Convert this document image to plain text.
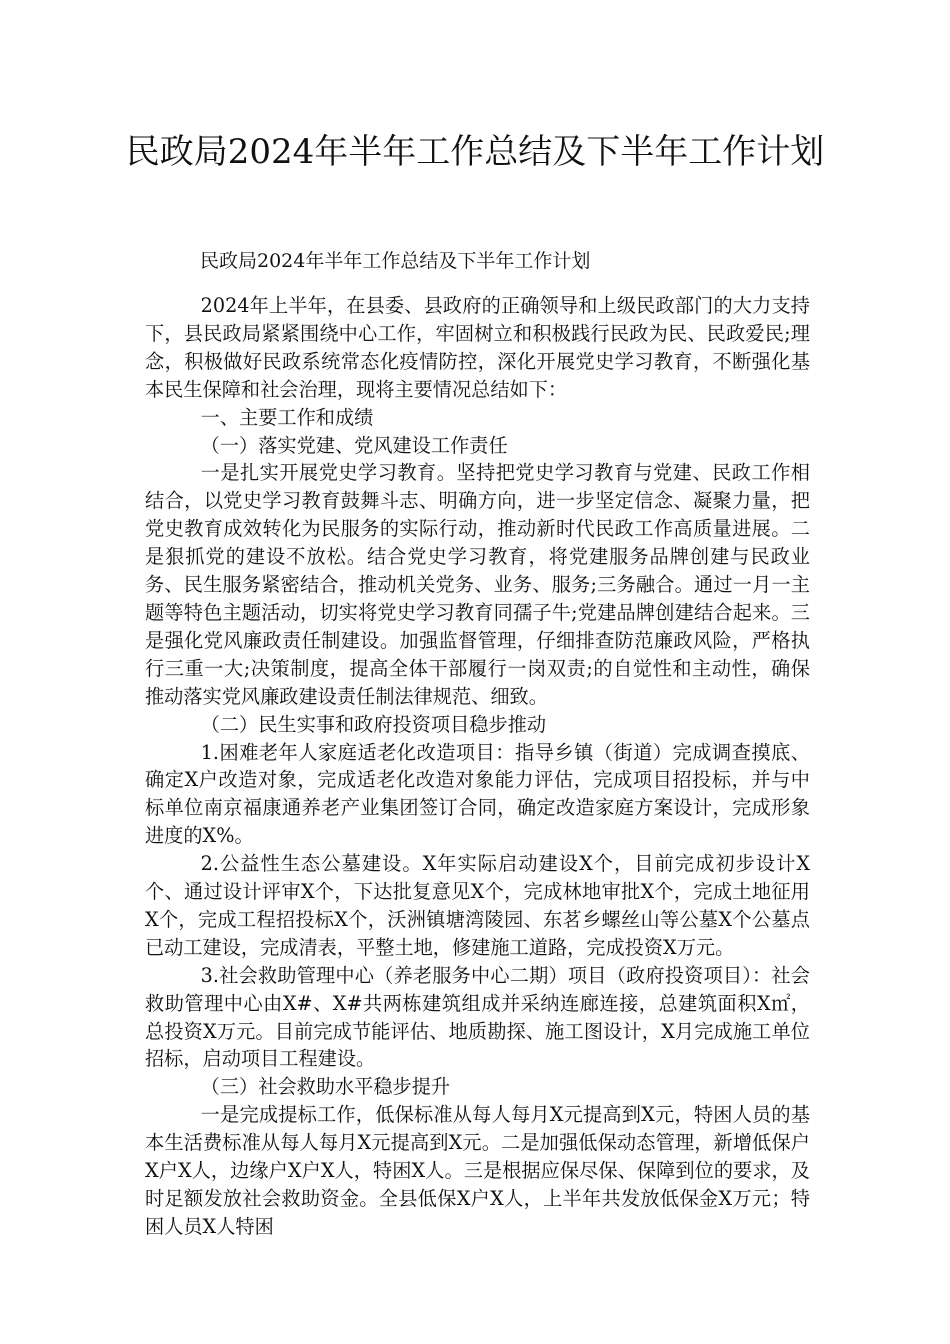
民政局2024年半年工作总结及下半年工作计划

民政局2024年半年工作总结及下半年工作计划

2024年上半年，在县委、县政府的正确领导和上级民政部门的大力支持下，县民政局紧紧围绕中心工作，牢固树立和积极践行民政为民、民政爱民;理念，积极做好民政系统常态化疫情防控，深化开展党史学习教育，不断强化基本民生保障和社会治理，现将主要情况总结如下：

一、主要工作和成绩

（一）落实党建、党风建设工作责任

一是扎实开展党史学习教育。坚持把党史学习教育与党建、民政工作相结合，以党史学习教育鼓舞斗志、明确方向，进一步坚定信念、凝聚力量，把党史教育成效转化为民服务的实际行动，推动新时代民政工作高质量进展。二是狠抓党的建设不放松。结合党史学习教育，将党建服务品牌创建与民政业务、民生服务紧密结合，推动机关党务、业务、服务;三务融合。通过一月一主题等特色主题活动，切实将党史学习教育同孺子牛;党建品牌创建结合起来。三是强化党风廉政责任制建设。加强监督管理，仔细排查防范廉政风险，严格执行三重一大;决策制度，提高全体干部履行一岗双责;的自觉性和主动性，确保推动落实党风廉政建设责任制法律规范、细致。

（二）民生实事和政府投资项目稳步推动

1.困难老年人家庭适老化改造项目：指导乡镇（街道）完成调查摸底、确定X户改造对象，完成适老化改造对象能力评估，完成项目招投标，并与中标单位南京福康通养老产业集团签订合同，确定改造家庭方案设计，完成形象进度的X%。

2.公益性生态公墓建设。X年实际启动建设X个，目前完成初步设计X个、通过设计评审X个，下达批复意见X个，完成林地审批X个，完成土地征用X个，完成工程招投标X个，沃洲镇塘湾陵园、东茗乡螺丝山等公墓X个公墓点已动工建设，完成清表，平整土地，修建施工道路，完成投资X万元。

3.社会救助管理中心（养老服务中心二期）项目（政府投资项目）：社会救助管理中心由X#、X#共两栋建筑组成并采纳连廊连接，总建筑面积X㎡，总投资X万元。目前完成节能评估、地质勘探、施工图设计，X月完成施工单位招标，启动项目工程建设。

（三）社会救助水平稳步提升

一是完成提标工作，低保标准从每人每月X元提高到X元，特困人员的基本生活费标准从每人每月X元提高到X元。二是加强低保动态管理，新增低保户X户X人，边缘户X户X人，特困X人。三是根据应保尽保、保障到位的要求，及时足额发放社会救助资金。全县低保X户X人，上半年共发放低保金X万元；特困人员X人特困
